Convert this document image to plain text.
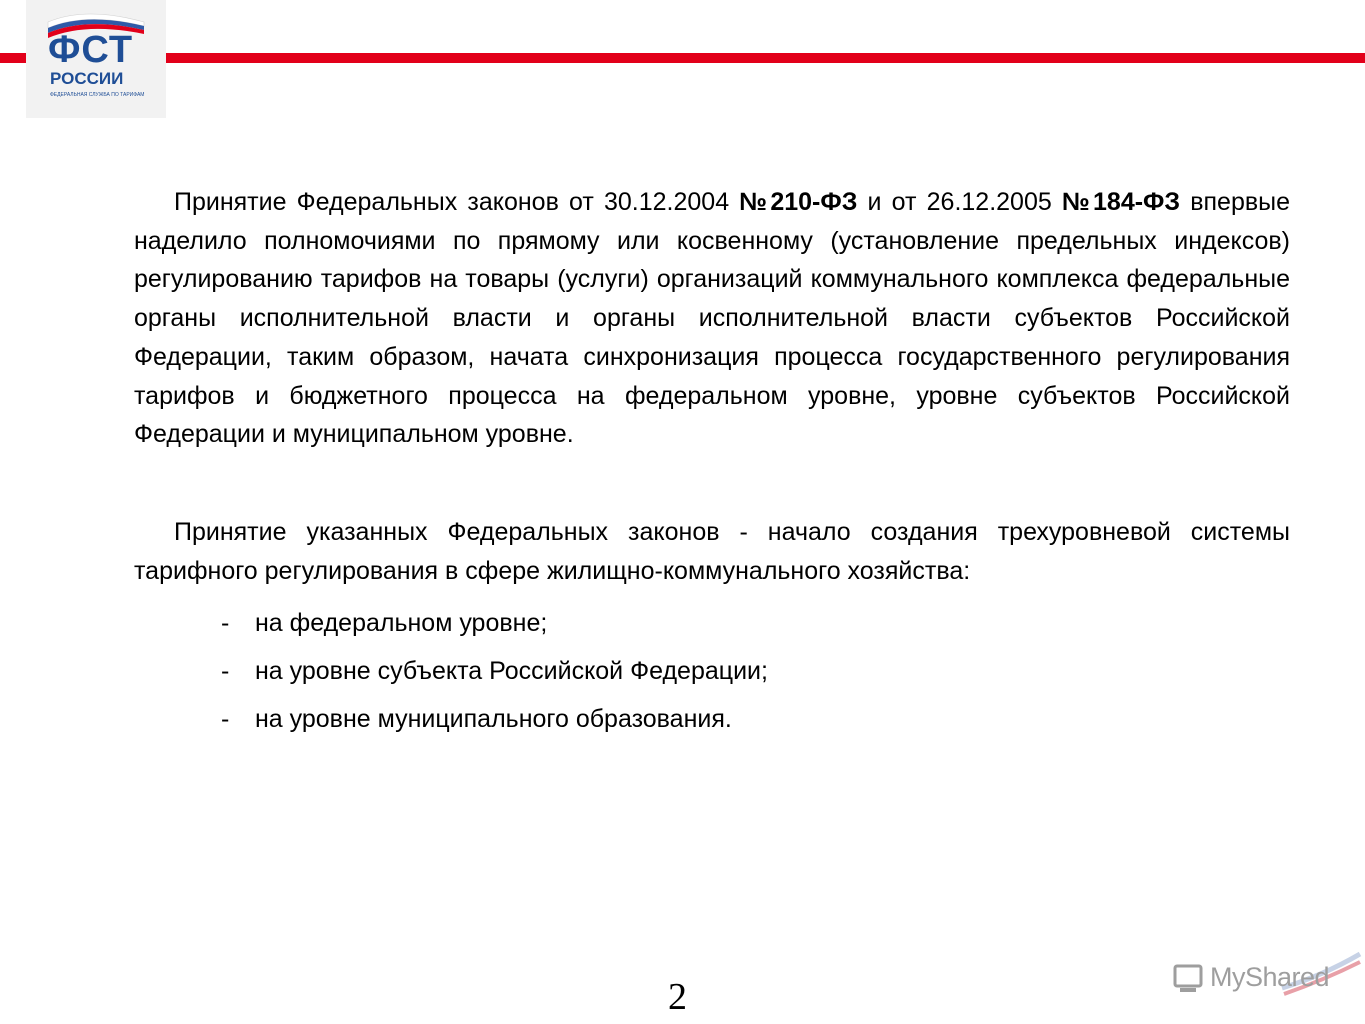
ФСТ
РОССИИ
ФЕДЕРАЛЬНАЯ СЛУЖБА ПО ТАРИФАМ

Принятие Федеральных законов от 30.12.2004 №210-ФЗ и от 26.12.2005 №184-ФЗ впервые наделило полномочиями по прямому или косвенному (установление предельных индексов) регулированию тарифов на товары (услуги) организаций коммунального комплекса федеральные органы исполнительной власти и органы исполнительной власти субъектов Российской Федерации, таким образом, начата синхронизация процесса государственного регулирования тарифов и бюджетного процесса на федеральном уровне, уровне субъектов Российской Федерации и муниципальном уровне.

Принятие указанных Федеральных законов - начало создания трехуровневой системы тарифного регулирования в сфере жилищно-коммунального хозяйства:

- на федеральном уровне;
- на уровне субъекта Российской Федерации;
- на уровне муниципального образования.
2	MyShared
